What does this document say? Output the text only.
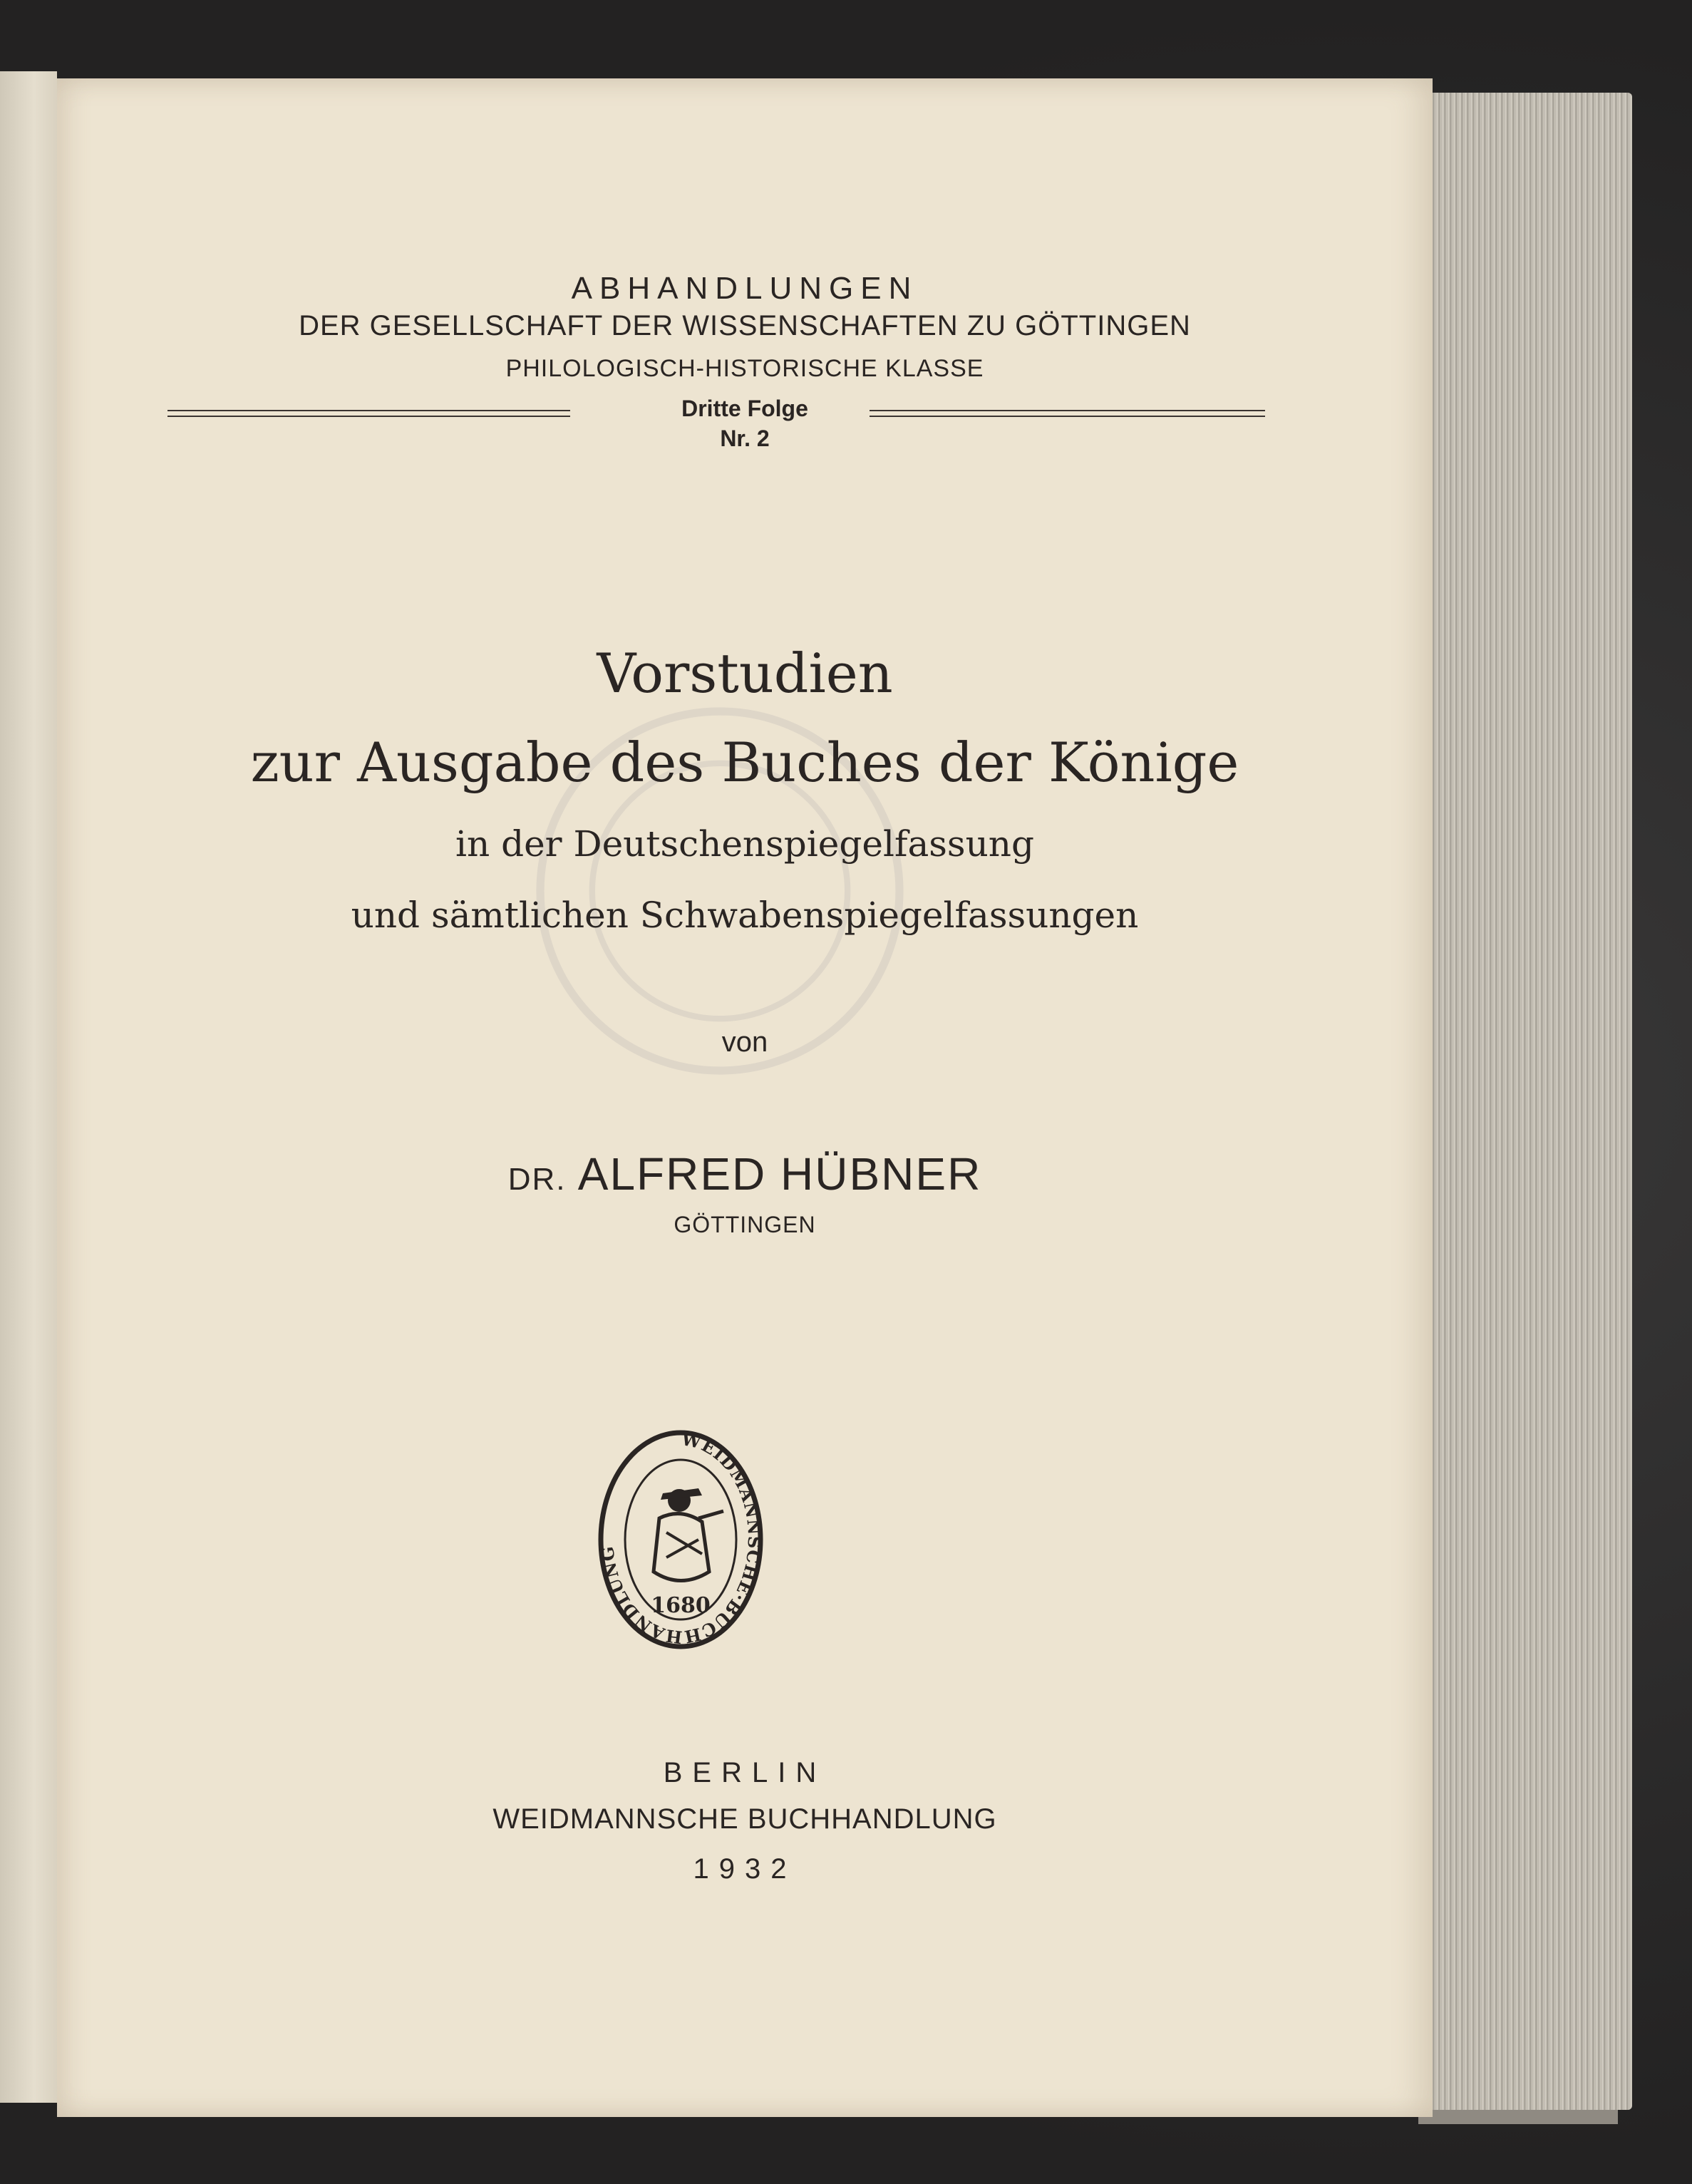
ABHANDLUNGEN
DER GESELLSCHAFT DER WISSENSCHAFTEN ZU GÖTTINGEN
PHILOLOGISCH-HISTORISCHE KLASSE
Dritte Folge
Nr. 2
Vorstudien
zur Ausgabe des Buches der Könige
in der Deutschenspiegelfassung
und sämtlichen Schwabenspiegelfassungen
von
DR. ALFRED HÜBNER
GÖTTINGEN
WEIDMANNSCHE·BUCHHANDLUNG
1680
BERLIN
WEIDMANNSCHE BUCHHANDLUNG
1932
